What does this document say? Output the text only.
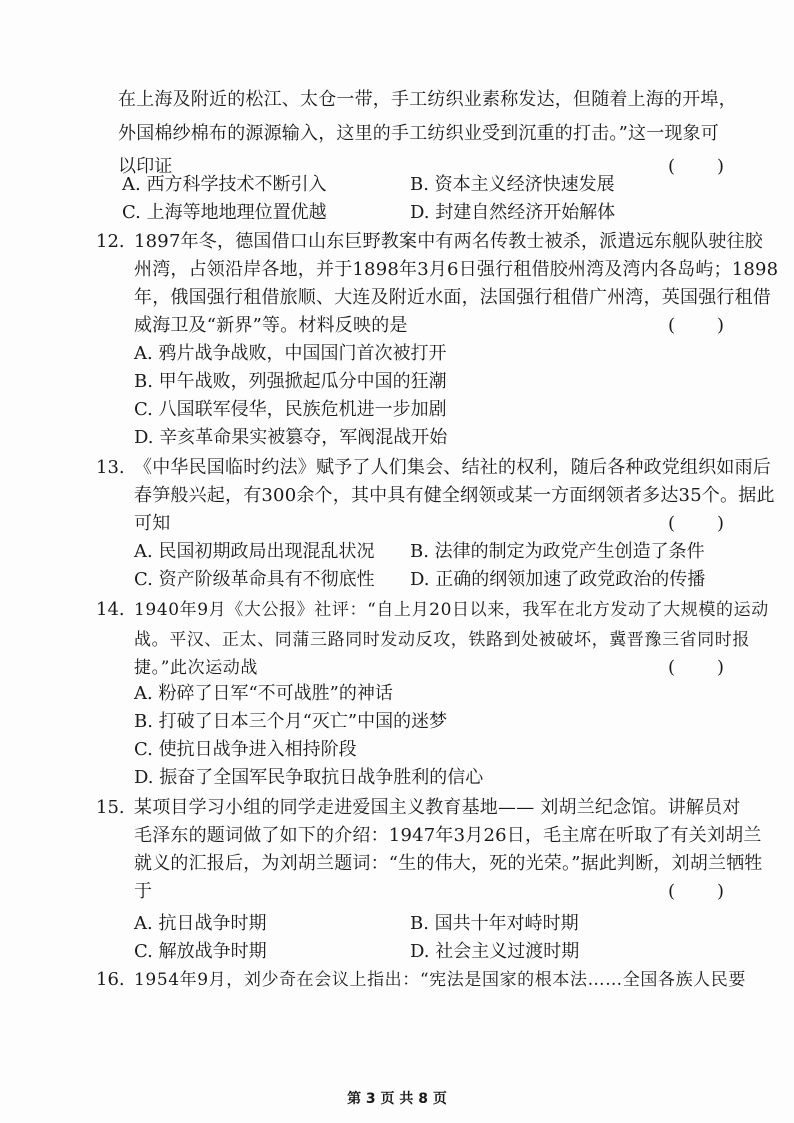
在上海及附近的松江、太仓一带，手工纺织业素称发达，但随着上海的开埠，
外国棉纱棉布的源源输入，这里的手工纺织业受到沉重的打击。”这一现象可
以印证	( )
A. 西方科学技术不断引入	B. 资本主义经济快速发展
C. 上海等地地理位置优越	D. 封建自然经济开始解体
12. 1897年冬，德国借口山东巨野教案中有两名传教士被杀，派遣远东舰队驶往胶
州湾，占领沿岸各地，并于1898年3月6日强行租借胶州湾及湾内各岛屿；1898
年，俄国强行租借旅顺、大连及附近水面，法国强行租借广州湾，英国强行租借
威海卫及“新界”等。材料反映的是	( )
A. 鸦片战争战败，中国国门首次被打开
B. 甲午战败，列强掀起瓜分中国的狂潮
C. 八国联军侵华，民族危机进一步加剧
D. 辛亥革命果实被篡夺，军阀混战开始
13. 《中华民国临时约法》赋予了人们集会、结社的权利，随后各种政党组织如雨后
春笋般兴起，有300余个，其中具有健全纲领或某一方面纲领者多达35个。据此
可知	( )
A. 民国初期政局出现混乱状况 B. 法律的制定为政党产生创造了条件
C. 资产阶级革命具有不彻底性 D. 正确的纲领加速了政党政治的传播
14. 1940年9月《大公报》社评：“自上月20日以来，我军在北方发动了大规模的运动
战。平汉、正太、同蒲三路同时发动反攻，铁路到处被破坏，冀晋豫三省同时报
捷。”此次运动战	( )
A. 粉碎了日军“不可战胜”的神话
B. 打破了日本三个月“灭亡”中国的迷梦
C. 使抗日战争进入相持阶段
D. 振奋了全国军民争取抗日战争胜利的信心
15. 某项目学习小组的同学走进爱国主义教育基地—— 刘胡兰纪念馆。讲解员对
毛泽东的题词做了如下的介绍：1947年3月26日，毛主席在听取了有关刘胡兰
就义的汇报后，为刘胡兰题词：“生的伟大，死的光荣。”据此判断，刘胡兰牺牲
于	( )
A. 抗日战争时期	B. 国共十年对峙时期
C. 解放战争时期	D. 社会主义过渡时期
16. 1954年9月，刘少奇在会议上指出：“宪法是国家的根本法……全国各族人民要
第 3 页 共 8 页
